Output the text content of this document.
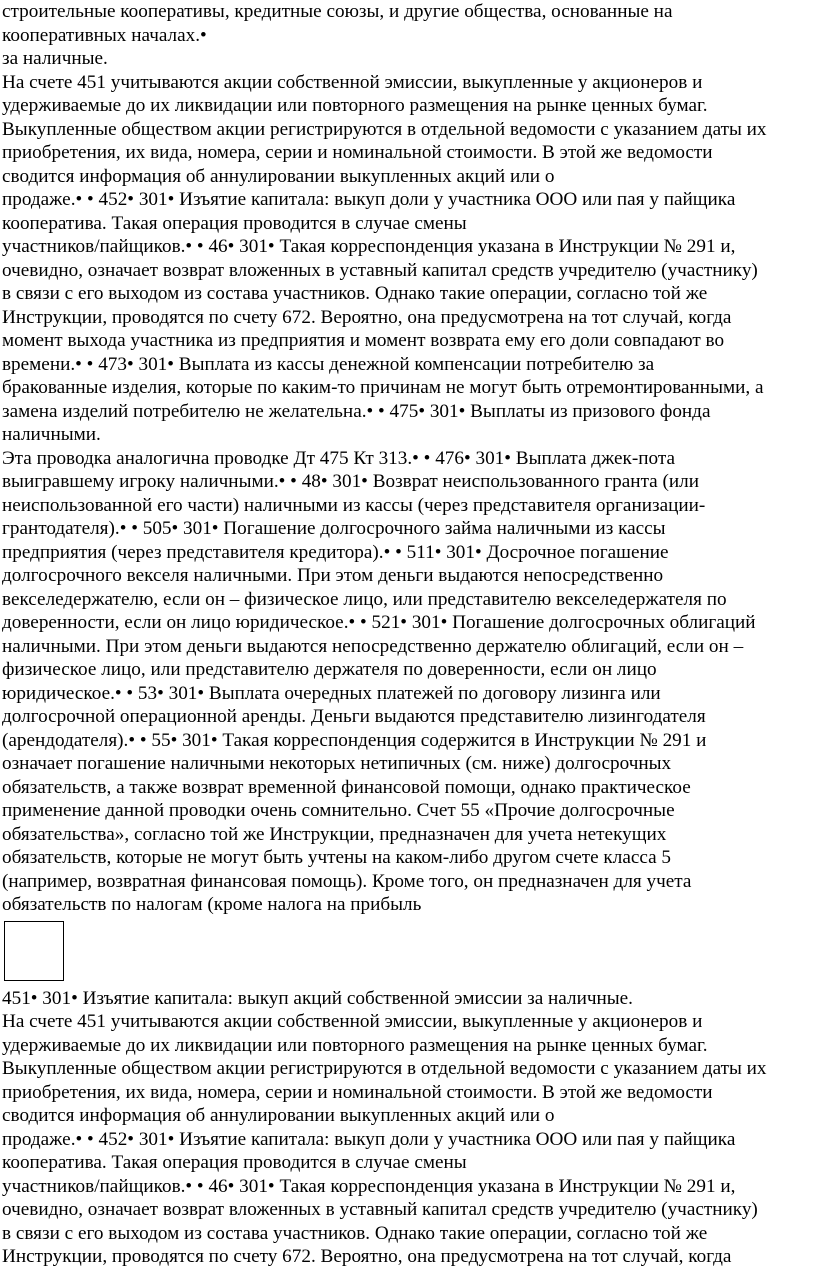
строительные кооперативы, кредитные союзы, и другие общества, основанные на
кооперативных началах.•
за наличные.
На счете 451 учитываются акции собственной эмиссии, выкупленные у акционеров и
удерживаемые до их ликвидации или повторного размещения на рынке ценных бумаг.
Выкупленные обществом акции регистрируются в отдельной ведомости с указанием даты их
приобретения, их вида, номера, серии и номинальной стоимости. В этой же ведомости
сводится информация об аннулировании выкупленных акций или о
продаже.• • 452• 301• Изъятие капитала: выкуп доли у участника ООО или пая у пайщика
кооператива. Такая операция проводится в случае смены
участников/пайщиков.• • 46• 301• Такая корреспонденция указана в Инструкции № 291 и,
очевидно, означает возврат вложенных в уставный капитал средств учредителю (участнику)
в связи с его выходом из состава участников. Однако такие операции, согласно той же
Инструкции, проводятся по счету 672. Вероятно, она предусмотрена на тот случай, когда
момент выхода участника из предприятия и момент возврата ему его доли совпадают во
времени.• • 473• 301• Выплата из кассы денежной компенсации потребителю за
бракованные изделия, которые по каким-то причинам не могут быть отремонтированными, а
замена изделий потребителю не желательна.• • 475• 301• Выплаты из призового фонда
наличными.
Эта проводка аналогична проводке Дт 475 Кт 313.• • 476• 301• Выплата джек-пота
выигравшему игроку наличными.• • 48• 301• Возврат неиспользованного гранта (или
неиспользованной его части) наличными из кассы (через представителя организации-
грантодателя).• • 505• 301• Погашение долгосрочного займа наличными из кассы
предприятия (через представителя кредитора).• • 511• 301• Досрочное погашение
долгосрочного векселя наличными. При этом деньги выдаются непосредственно
векселедержателю, если он – физическое лицо, или представителю векселедержателя по
доверенности, если он лицо юридическое.• • 521• 301• Погашение долгосрочных облигаций
наличными. При этом деньги выдаются непосредственно держателю облигаций, если он –
физическое лицо, или представителю держателя по доверенности, если он лицо
юридическое.• • 53• 301• Выплата очередных платежей по договору лизинга или
долгосрочной операционной аренды. Деньги выдаются представителю лизингодателя
(арендодателя).• • 55• 301• Такая корреспонденция содержится в Инструкции № 291 и
означает погашение наличными некоторых нетипичных (см. ниже) долгосрочных
обязательств, а также возврат временной финансовой помощи, однако практическое
применение данной проводки очень сомнительно. Счет 55 «Прочие долгосрочные
обязательства», согласно той же Инструкции, предназначен для учета нетекущих
обязательств, которые не могут быть учтены на каком-либо другом счете класса 5
(например, возвратная финансовая помощь). Кроме того, он предназначен для учета
обязательств по налогам (кроме налога на прибыль
451• 301• Изъятие капитала: выкуп акций собственной эмиссии за наличные.
На счете 451 учитываются акции собственной эмиссии, выкупленные у акционеров и
удерживаемые до их ликвидации или повторного размещения на рынке ценных бумаг.
Выкупленные обществом акции регистрируются в отдельной ведомости с указанием даты их
приобретения, их вида, номера, серии и номинальной стоимости. В этой же ведомости
сводится информация об аннулировании выкупленных акций или о
продаже.• • 452• 301• Изъятие капитала: выкуп доли у участника ООО или пая у пайщика
кооператива. Такая операция проводится в случае смены
участников/пайщиков.• • 46• 301• Такая корреспонденция указана в Инструкции № 291 и,
очевидно, означает возврат вложенных в уставный капитал средств учредителю (участнику)
в связи с его выходом из состава участников. Однако такие операции, согласно той же
Инструкции, проводятся по счету 672. Вероятно, она предусмотрена на тот случай, когда
